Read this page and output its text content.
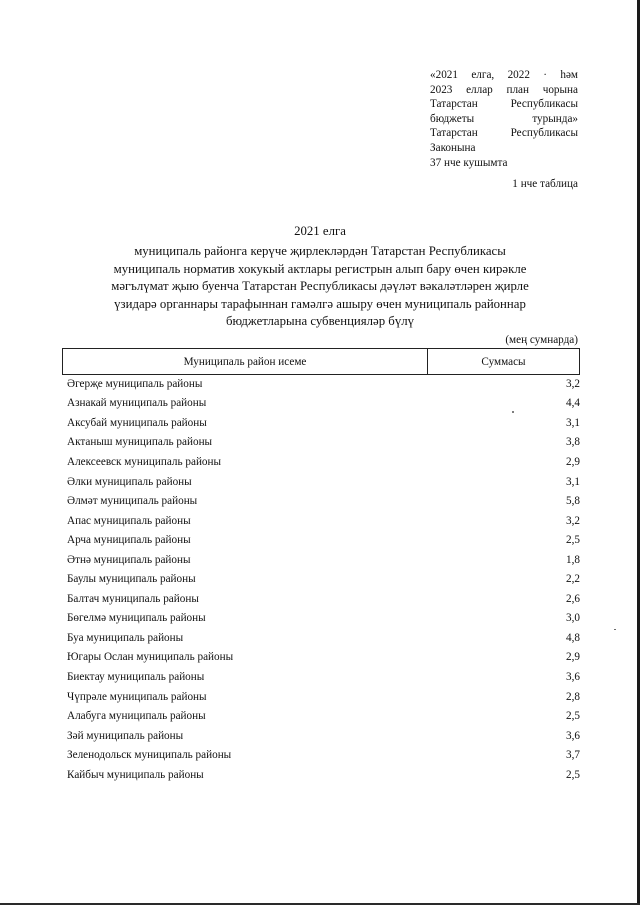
«2021 елга, 2022 · һәм
2023 еллар план чорына
Татарстан Республикасы
бюджеты турында»
Татарстан Республикасы
Законына
37 нче кушымта
1 нче таблица
2021 елга
муниципаль районга керүче җирлекләрдән Татарстан Республикасы
муниципаль норматив хокукый актлары регистрын алып бару өчен кирәкле
мәгълүмат җыю буенча Татарстан Республикасы дәүләт вәкаләтләрен җирле
үзидарә органнары тарафыннан гамәлгә ашыру өчен муниципаль районнар
бюджетларына субвенцияләр бүлү
(мең сумнарда)
Муниципаль район исеме	Суммасы
Әгерҗе муниципаль районы	3,2
Азнакай муниципаль районы	4,4
Аксубай муниципаль районы	3,1
Актаныш муниципаль районы	3,8
Алексеевск муниципаль районы	2,9
Әлки муниципаль районы	3,1
Әлмәт муниципаль районы	5,8
Апас муниципаль районы	3,2
Арча муниципаль районы	2,5
Әтнә муниципаль районы	1,8
Баулы муниципаль районы	2,2
Балтач муниципаль районы	2,6
Бөгелмә муниципаль районы	3,0
Буа муниципаль районы	4,8
Югары Ослан муниципаль районы	2,9
Биектау муниципаль районы	3,6
Чүпрәле муниципаль районы	2,8
Алабуга муниципаль районы	2,5
Зәй муниципаль районы	3,6
Зеленодольск муниципаль районы	3,7
Кайбыч муниципаль районы	2,5
